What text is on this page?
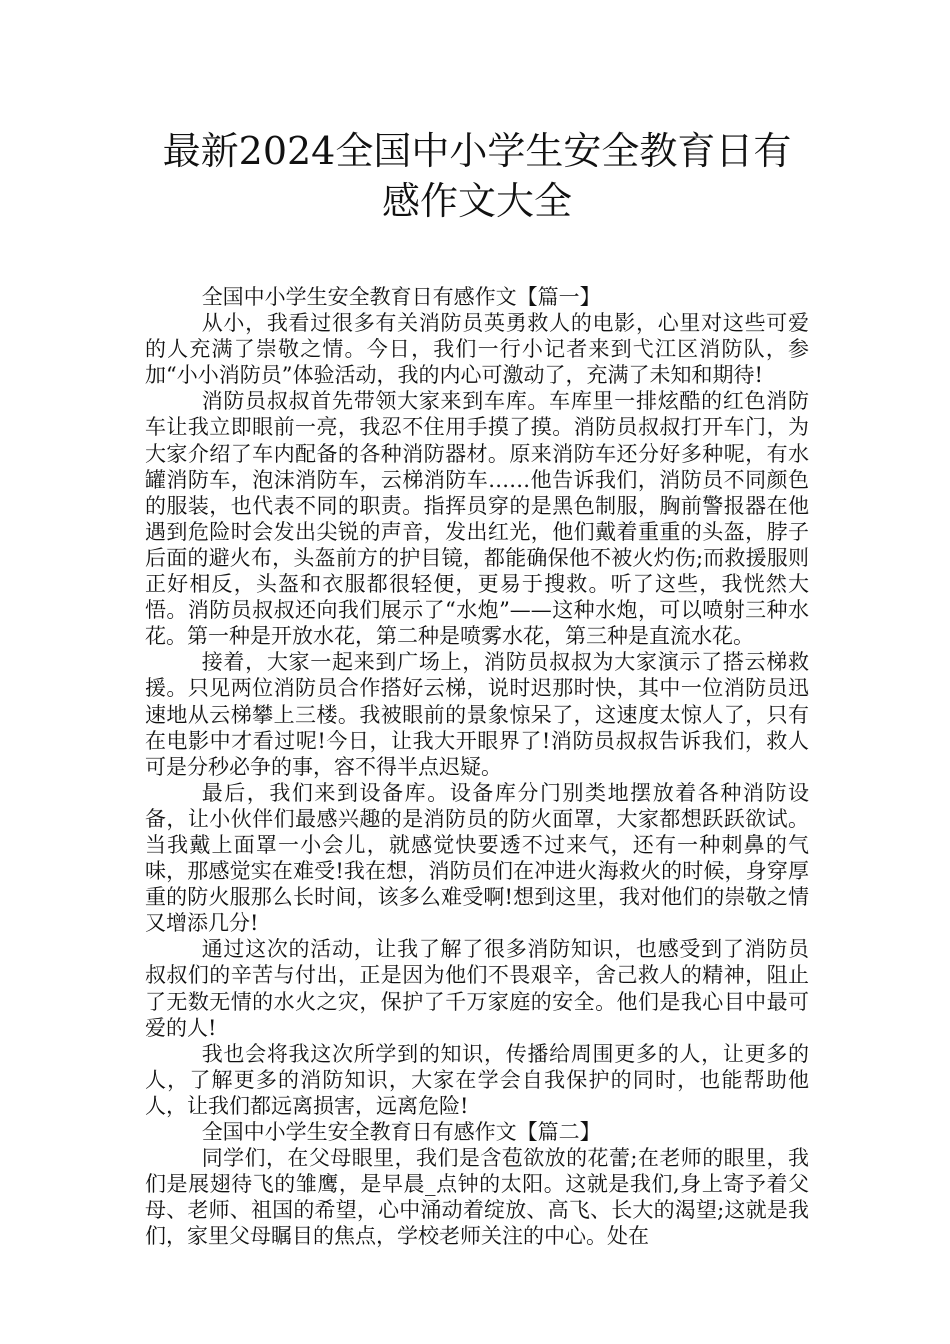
最新2024全国中小学生安全教育日有感作文大全

全国中小学生安全教育日有感作文【篇一】

从小，我看过很多有关消防员英勇救人的电影，心里对这些可爱的人充满了崇敬之情。今日，我们一行小记者来到弋江区消防队，参加“小小消防员”体验活动，我的内心可激动了，充满了未知和期待!

消防员叔叔首先带领大家来到车库。车库里一排炫酷的红色消防车让我立即眼前一亮，我忍不住用手摸了摸。消防员叔叔打开车门，为大家介绍了车内配备的各种消防器材。原来消防车还分好多种呢，有水罐消防车，泡沫消防车，云梯消防车……他告诉我们，消防员不同颜色的服装，也代表不同的职责。指挥员穿的是黑色制服，胸前警报器在他遇到危险时会发出尖锐的声音，发出红光，他们戴着重重的头盔，脖子后面的避火布，头盔前方的护目镜，都能确保他不被火灼伤;而救援服则正好相反，头盔和衣服都很轻便，更易于搜救。听了这些，我恍然大悟。消防员叔叔还向我们展示了“水炮”——这种水炮，可以喷射三种水花。第一种是开放水花，第二种是喷雾水花，第三种是直流水花。

接着，大家一起来到广场上，消防员叔叔为大家演示了搭云梯救援。只见两位消防员合作搭好云梯，说时迟那时快，其中一位消防员迅速地从云梯攀上三楼。我被眼前的景象惊呆了，这速度太惊人了，只有在电影中才看过呢!今日，让我大开眼界了!消防员叔叔告诉我们，救人可是分秒必争的事，容不得半点迟疑。

最后，我们来到设备库。设备库分门别类地摆放着各种消防设备，让小伙伴们最感兴趣的是消防员的防火面罩，大家都想跃跃欲试。当我戴上面罩一小会儿，就感觉快要透不过来气，还有一种刺鼻的气味，那感觉实在难受!我在想，消防员们在冲进火海救火的时候，身穿厚重的防火服那么长时间，该多么难受啊!想到这里，我对他们的崇敬之情又增添几分!

通过这次的活动，让我了解了很多消防知识，也感受到了消防员叔叔们的辛苦与付出，正是因为他们不畏艰辛，舍己救人的精神，阻止了无数无情的水火之灾，保护了千万家庭的安全。他们是我心目中最可爱的人!

我也会将我这次所学到的知识，传播给周围更多的人，让更多的人，了解更多的消防知识，大家在学会自我保护的同时，也能帮助他人，让我们都远离损害，远离危险!

全国中小学生安全教育日有感作文【篇二】

同学们，在父母眼里，我们是含苞欲放的花蕾;在老师的眼里，我们是展翅待飞的雏鹰，是早晨_点钟的太阳。这就是我们,身上寄予着父母、老师、祖国的希望，心中涌动着绽放、高飞、长大的渴望;这就是我们，家里父母瞩目的焦点，学校老师关注的中心。处在
